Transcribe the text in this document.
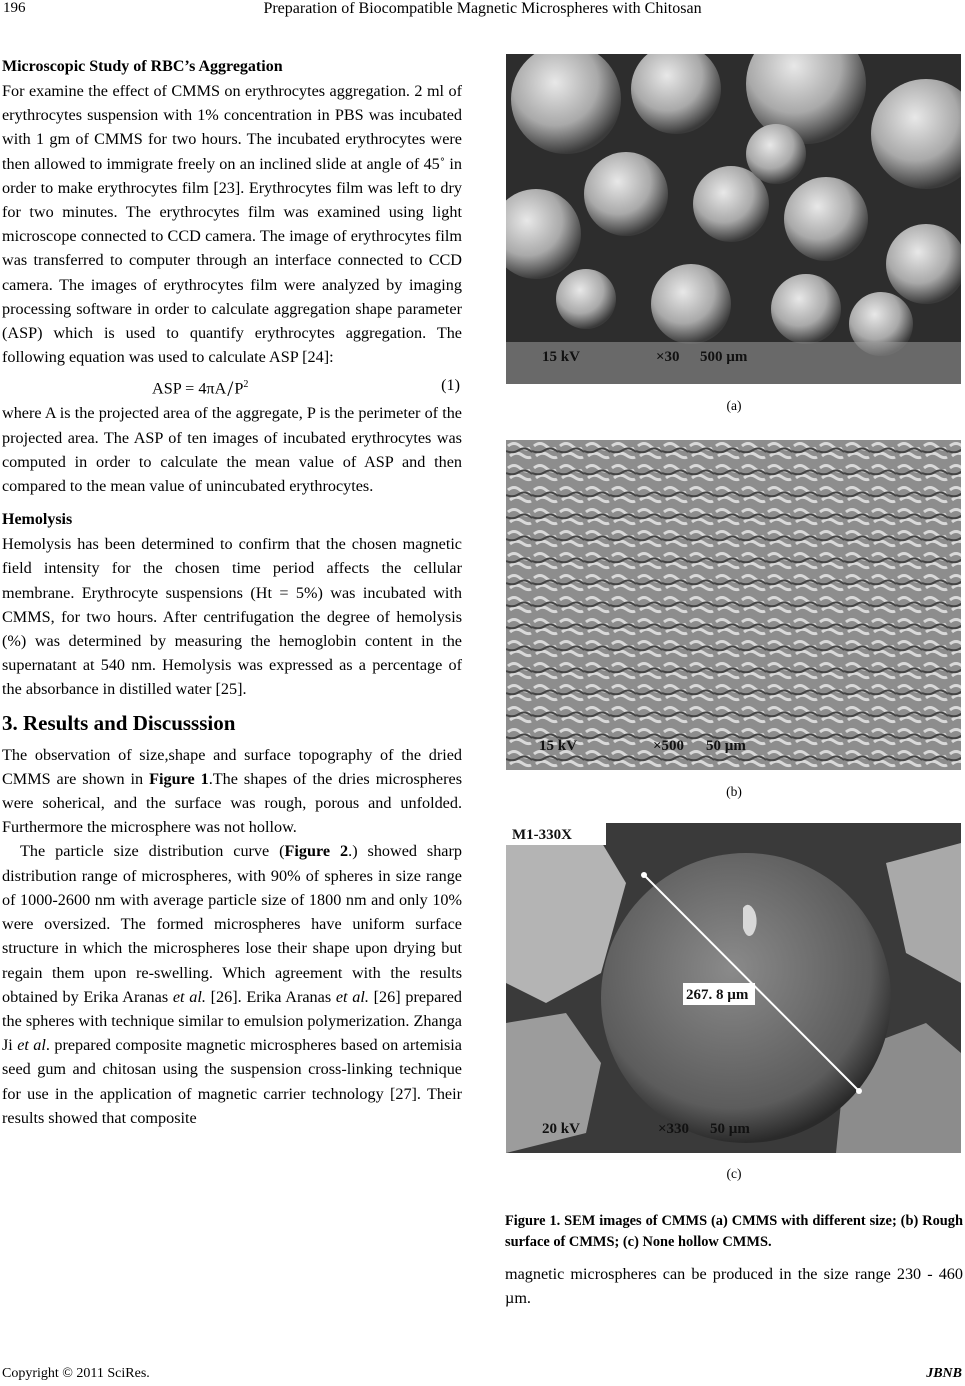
196	Preparation of Biocompatible Magnetic Microspheres with Chitosan

Microscopic Study of RBC’s Aggregation

For examine the effect of CMMS on erythrocytes aggregation. 2 ml of erythrocytes suspension with 1% concentration in PBS was incubated with 1 gm of CMMS for two hours. The incubated erythrocytes were then allowed to immigrate freely on an inclined slide at angle of 45˚ in order to make erythrocytes film [23]. Erythrocytes film was left to dry for two minutes. The erythrocytes film was examined using light microscope connected to CCD camera. The image of erythrocytes film was transferred to computer through an interface connected to CCD camera. The images of erythrocytes film were analyzed by imaging processing software in order to calculate aggregation shape parameter (ASP) which is used to quantify erythrocytes aggregation. The following equation was used to calculate ASP [24]:

ASP = $4\pi A/P^2$	(1)

where A is the projected area of the aggregate, P is the perimeter of the projected area. The ASP of ten images of incubated erythrocytes was computed in order to calculate the mean value of ASP and then compared to the mean value of unincubated erythrocytes.

Hemolysis

Hemolysis has been determined to confirm that the chosen magnetic field intensity for the chosen time period affects the cellular membrane. Erythrocyte suspensions (Ht = 5%) was incubated with CMMS, for two hours. After centrifugation the degree of hemolysis (%) was determined by measuring the hemoglobin content in the supernatant at 540 nm. Hemolysis was expressed as a percentage of the absorbance in distilled water [25].

3. Results and Discusssion

The observation of size,shape and surface topography of the dried CMMS are shown in Figure 1.The shapes of the dries microspheres were soherical, and the surface was rough, porous and unfolded. Furthermore the microsphere was not hollow.

The particle size distribution curve (Figure 2.) showed sharp distribution range of microspheres, with 90% of spheres in size range of 1000-2600 nm with average particle size of 1800 nm and only 10% were oversized. The formed microspheres have uniform surface structure in which the microspheres lose their shape upon drying but regain them upon re-swelling. Which agreement with the results obtained by Erika Aranas et al. [26]. Erika Aranas et al. [26] prepared the spheres with technique similar to emulsion polymerization. Zhanga Ji et al. prepared composite magnetic microspheres based on artemisia seed gum and chitosan using the suspension cross-linking technique for use in the application of magnetic carrier technology [27]. Their results showed that composite

15 kV	×30 500 µm
(a)
15 kV	×500 50 µm
(b)
M1-330X
267. 8 µm
20 kV	×330 50 µm
(c)
Figure 1. SEM images of CMMS (a) CMMS with different size; (b) Rough surface of CMMS; (c) None hollow CMMS.
magnetic microspheres can be produced in the size range 230 - 460 µm.
Copyright © 2011 SciRes.	JBNB
